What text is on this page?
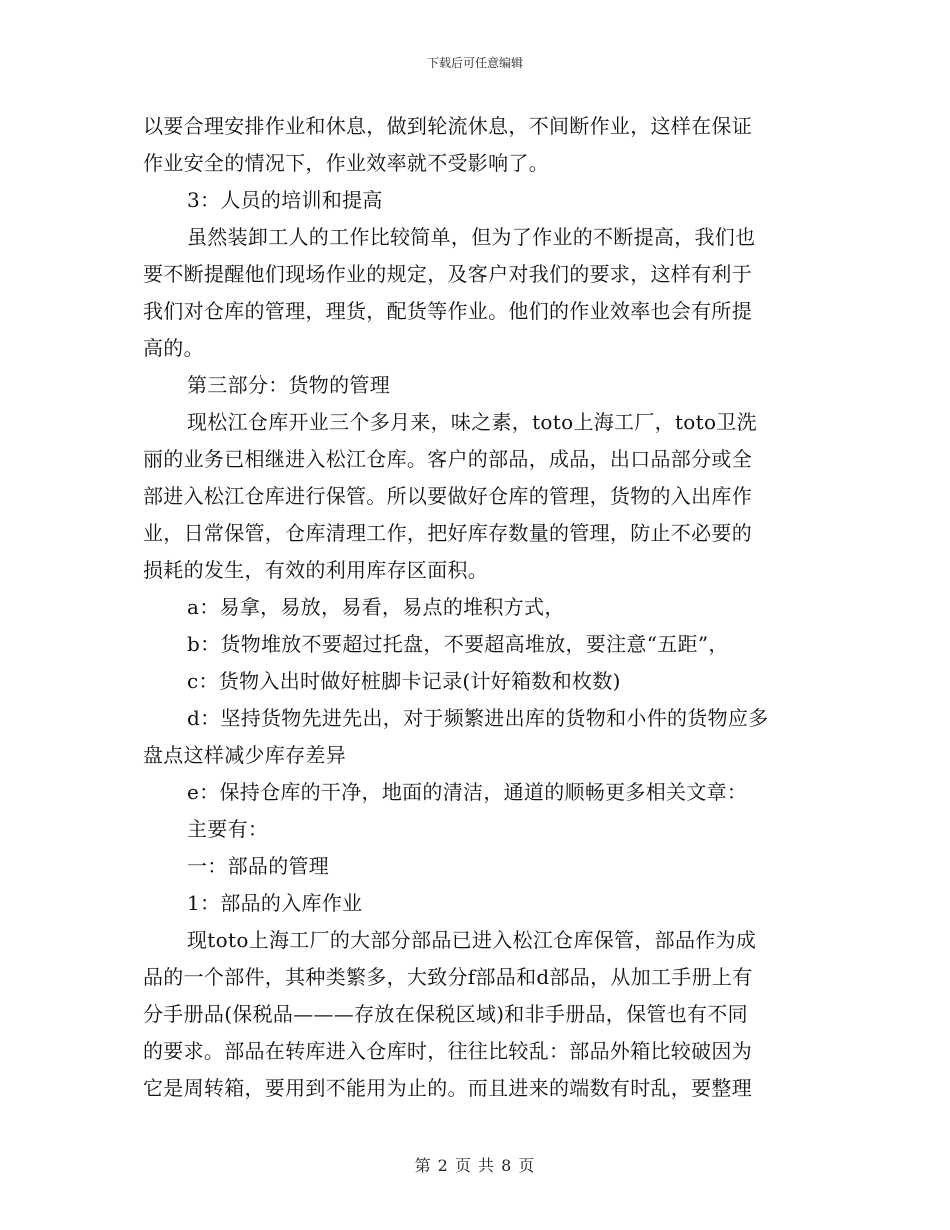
下载后可任意编辑
以要合理安排作业和休息，做到轮流休息，不间断作业，这样在保证
作业安全的情况下，作业效率就不受影响了。
3：人员的培训和提高
虽然装卸工人的工作比较简单，但为了作业的不断提高，我们也
要不断提醒他们现场作业的规定，及客户对我们的要求，这样有利于
我们对仓库的管理，理货，配货等作业。他们的作业效率也会有所提
高的。
第三部分：货物的管理
现松江仓库开业三个多月来，味之素，toto上海工厂，toto卫洗
丽的业务已相继进入松江仓库。客户的部品，成品，出口品部分或全
部进入松江仓库进行保管。所以要做好仓库的管理，货物的入出库作
业，日常保管，仓库清理工作，把好库存数量的管理，防止不必要的
损耗的发生，有效的利用库存区面积。
a：易拿，易放，易看，易点的堆积方式，
b：货物堆放不要超过托盘，不要超高堆放，要注意“五距”，
c：货物入出时做好桩脚卡记录(计好箱数和枚数)
d：坚持货物先进先出，对于频繁进出库的货物和小件的货物应多
盘点这样减少库存差异
e：保持仓库的干净，地面的清洁，通道的顺畅更多相关文章：
主要有：
一：部品的管理
1：部品的入库作业
现toto上海工厂的大部分部品已进入松江仓库保管，部品作为成
品的一个部件，其种类繁多，大致分f部品和d部品，从加工手册上有
分手册品(保税品———存放在保税区域)和非手册品，保管也有不同
的要求。部品在转库进入仓库时，往往比较乱：部品外箱比较破因为
它是周转箱，要用到不能用为止的。而且进来的端数有时乱，要整理
第 2 页 共 8 页
